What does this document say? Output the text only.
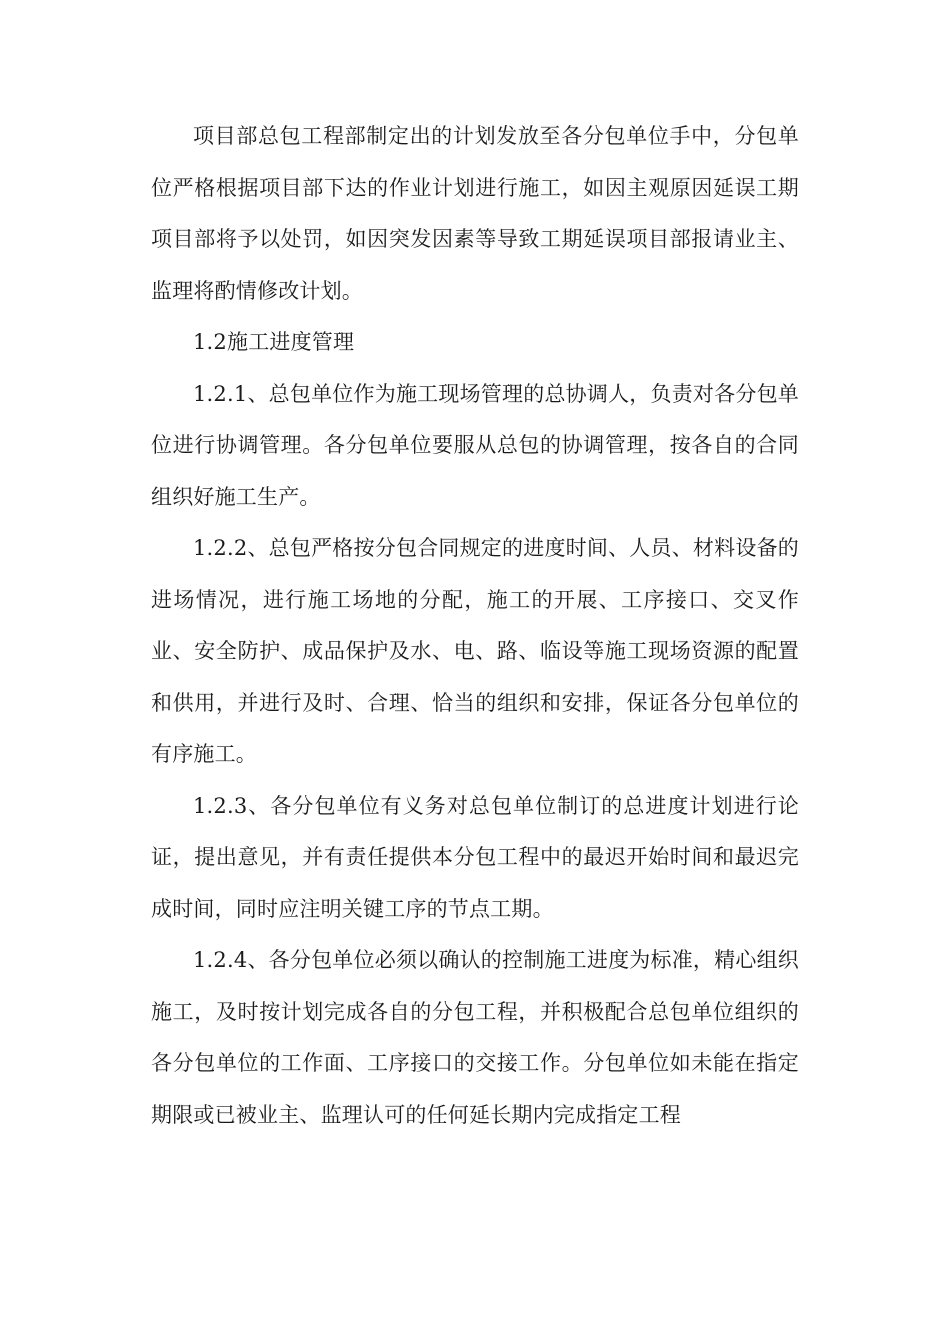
项目部总包工程部制定出的计划发放至各分包单位手中，分包单位严格根据项目部下达的作业计划进行施工，如因主观原因延误工期项目部将予以处罚，如因突发因素等导致工期延误项目部报请业主、监理将酌情修改计划。

1.2施工进度管理

1.2.1、总包单位作为施工现场管理的总协调人，负责对各分包单位进行协调管理。各分包单位要服从总包的协调管理，按各自的合同组织好施工生产。

1.2.2、总包严格按分包合同规定的进度时间、人员、材料设备的进场情况，进行施工场地的分配，施工的开展、工序接口、交叉作业、安全防护、成品保护及水、电、路、临设等施工现场资源的配置和供用，并进行及时、合理、恰当的组织和安排，保证各分包单位的有序施工。

1.2.3、各分包单位有义务对总包单位制订的总进度计划进行论证，提出意见，并有责任提供本分包工程中的最迟开始时间和最迟完成时间，同时应注明关键工序的节点工期。

1.2.4、各分包单位必须以确认的控制施工进度为标准，精心组织施工，及时按计划完成各自的分包工程，并积极配合总包单位组织的各分包单位的工作面、工序接口的交接工作。分包单位如未能在指定期限或已被业主、监理认可的任何延长期内完成指定工程
